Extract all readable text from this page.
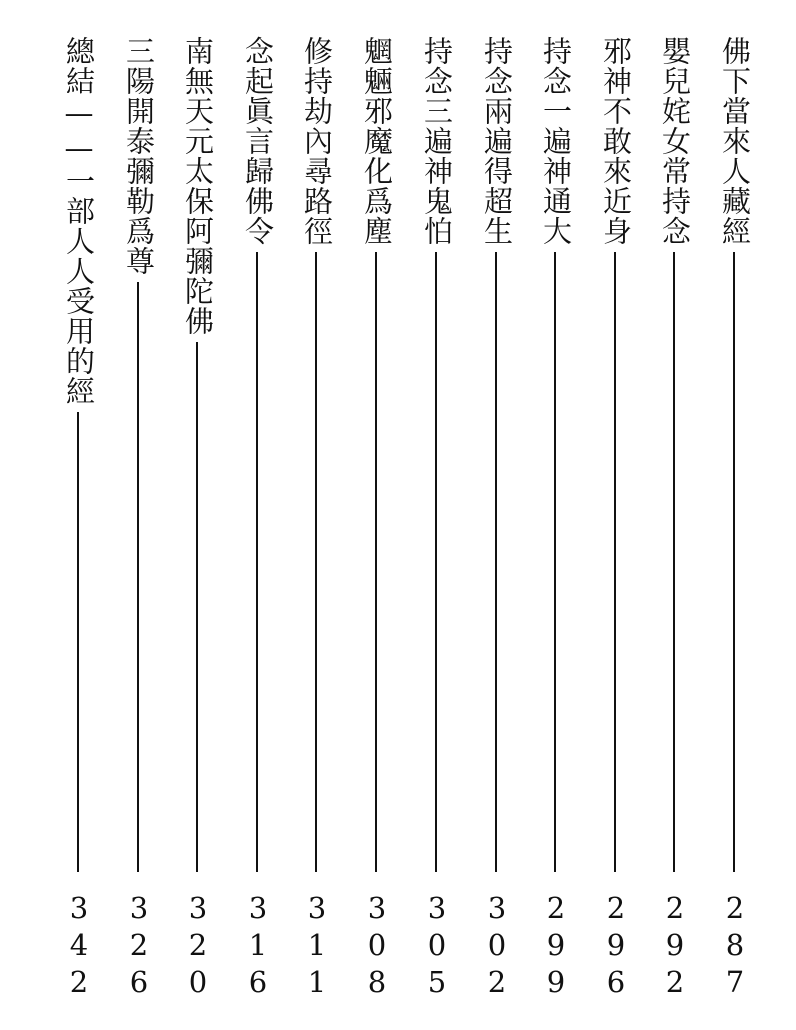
佛下當來人藏經
287
嬰兒姹女常持念
292
邪神不敢來近身
296
持念一遍神通大
299
持念兩遍得超生
302
持念三遍神鬼怕
305
魍魎邪魔化爲塵
308
修持劫內尋路徑
311
念起眞言歸佛令
316
南無天元太保阿彌陀佛
320
三陽開泰彌勒爲尊
326
總結——一部人人受用的經
342
